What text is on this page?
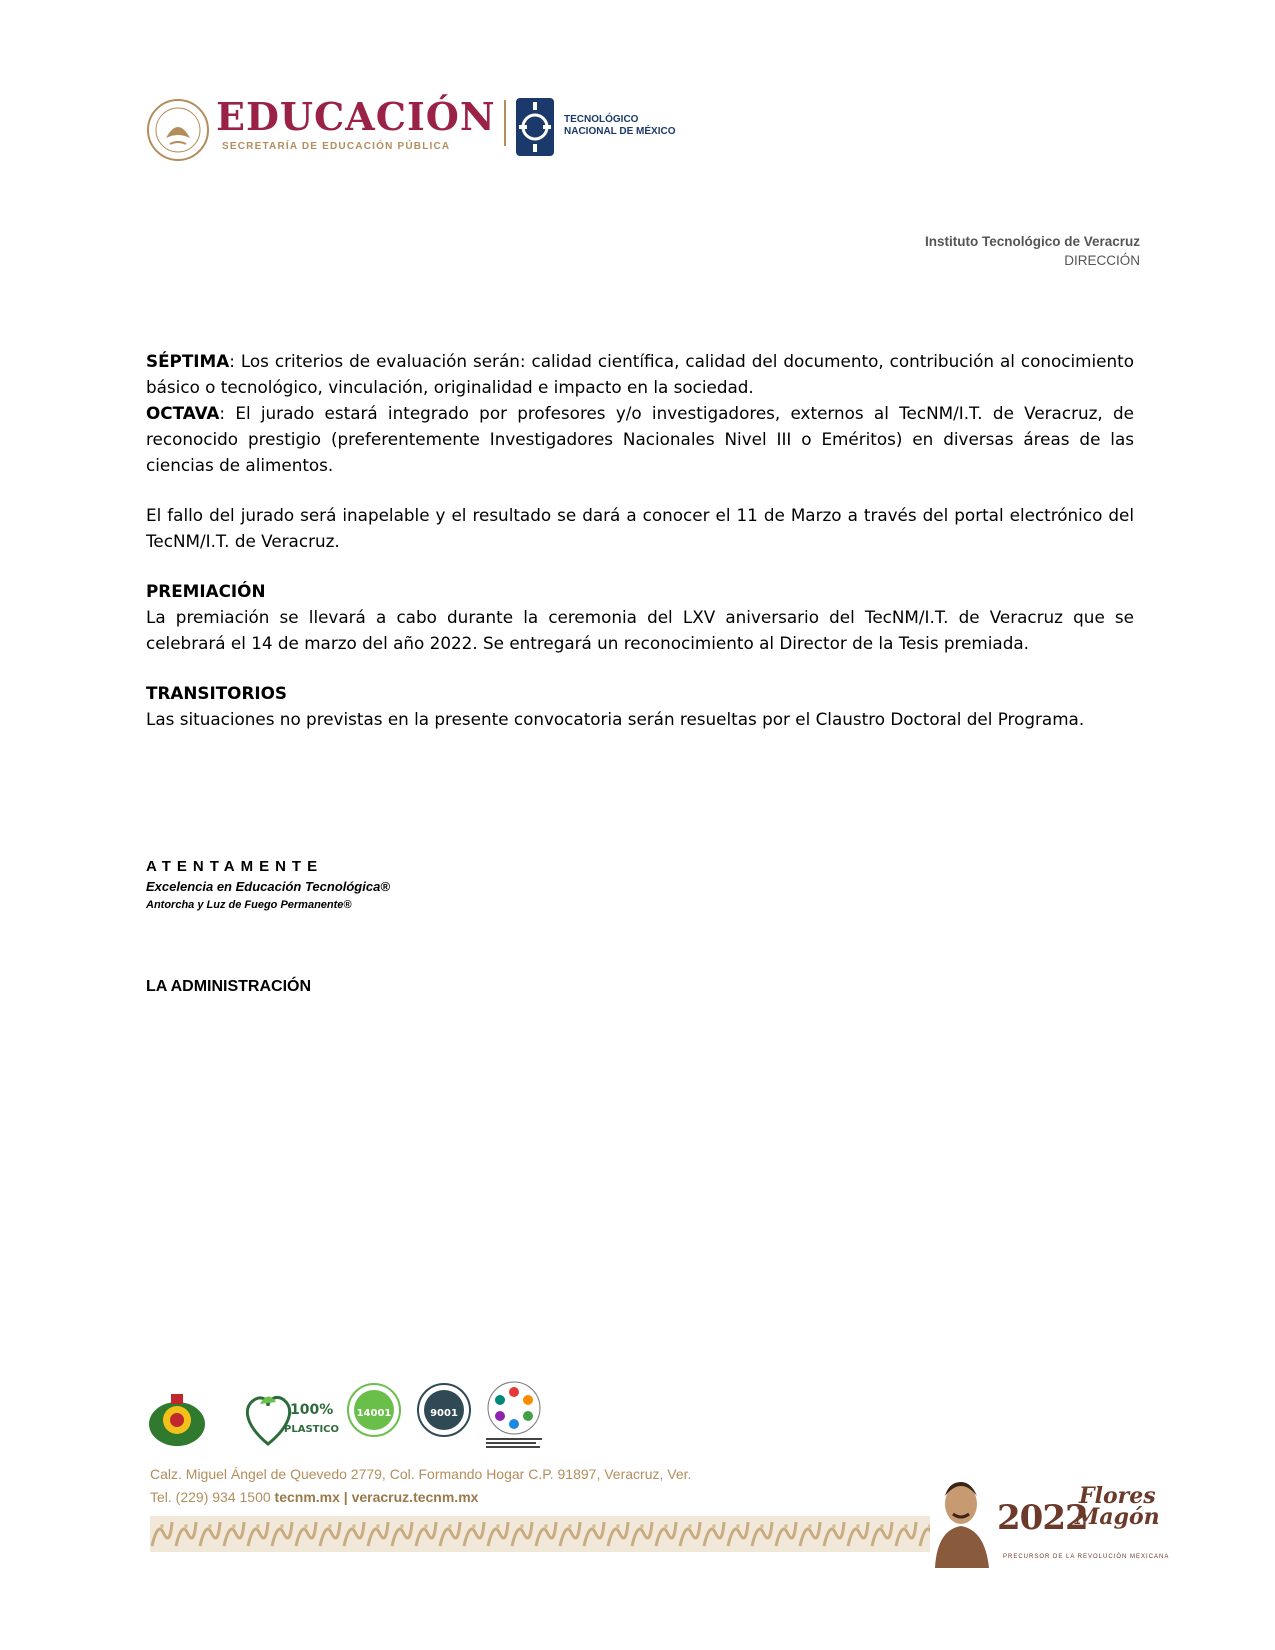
EDUCACIÓN
SECRETARÍA DE EDUCACIÓN PÚBLICA
TECNOLÓGICO
NACIONAL DE MÉXICO
Instituto Tecnológico de Veracruz
DIRECCIÓN

SÉPTIMA: Los criterios de evaluación serán: calidad científica, calidad del documento, contribución al conocimiento básico o tecnológico, vinculación, originalidad e impacto en la sociedad.

OCTAVA: El jurado estará integrado por profesores y/o investigadores, externos al TecNM/I.T. de Veracruz, de reconocido prestigio (preferentemente Investigadores Nacionales Nivel III o Eméritos) en diversas áreas de las ciencias de alimentos.

El fallo del jurado será inapelable y el resultado se dará a conocer el 11 de Marzo a través del portal electrónico del TecNM/I.T. de Veracruz.

PREMIACIÓN

La premiación se llevará a cabo durante la ceremonia del LXV aniversario del TecNM/I.T. de Veracruz que se celebrará el 14 de marzo del año 2022. Se entregará un reconocimiento al Director de la Tesis premiada.

TRANSITORIOS

Las situaciones no previstas en la presente convocatoria serán resueltas por el Claustro Doctoral del Programa.

ATENTAMENTE
Excelencia en Educación Tecnológica®
Antorcha y Luz de Fuego Permanente®
LA ADMINISTRACIÓN
100%
PLASTICO
14001	9001
Calz. Miguel Ángel de Quevedo 2779, Col. Formando Hogar C.P. 91897, Veracruz, Ver.
Tel. (229) 934 1500 tecnm.mx | veracruz.tecnm.mx
2022
Flores
Magón
PRECURSOR DE LA REVOLUCIÓN MEXICANA
